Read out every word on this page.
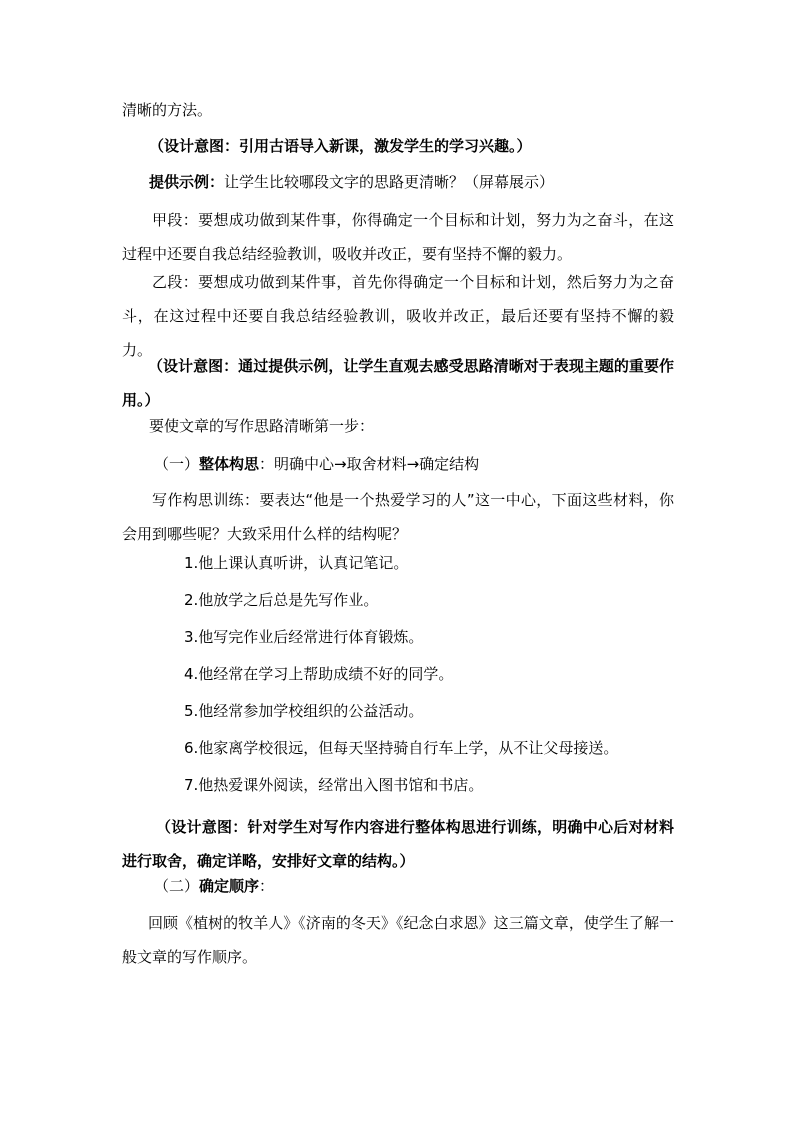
清晰的方法。
（设计意图：引用古语导入新课，激发学生的学习兴趣。）
提供示例：让学生比较哪段文字的思路更清晰？（屏幕展示）
甲段：要想成功做到某件事，你得确定一个目标和计划，努力为之奋斗，在这过程中还要自我总结经验教训，吸收并改正，要有坚持不懈的毅力。
乙段：要想成功做到某件事，首先你得确定一个目标和计划，然后努力为之奋斗，在这过程中还要自我总结经验教训，吸收并改正，最后还要有坚持不懈的毅力。
（设计意图：通过提供示例，让学生直观去感受思路清晰对于表现主题的重要作用。）
要使文章的写作思路清晰第一步：
（一）整体构思：明确中心→取舍材料→确定结构
写作构思训练：要表达“他是一个热爱学习的人”这一中心，下面这些材料，你会用到哪些呢？大致采用什么样的结构呢？
1.他上课认真听讲，认真记笔记。
2.他放学之后总是先写作业。
3.他写完作业后经常进行体育锻炼。
4.他经常在学习上帮助成绩不好的同学。
5.他经常参加学校组织的公益活动。
6.他家离学校很远，但每天坚持骑自行车上学，从不让父母接送。
7.他热爱课外阅读，经常出入图书馆和书店。
（设计意图：针对学生对写作内容进行整体构思进行训练，明确中心后对材料进行取舍，确定详略，安排好文章的结构。）
（二）确定顺序：
回顾《植树的牧羊人》《济南的冬天》《纪念白求恩》这三篇文章，使学生了解一般文章的写作顺序。
